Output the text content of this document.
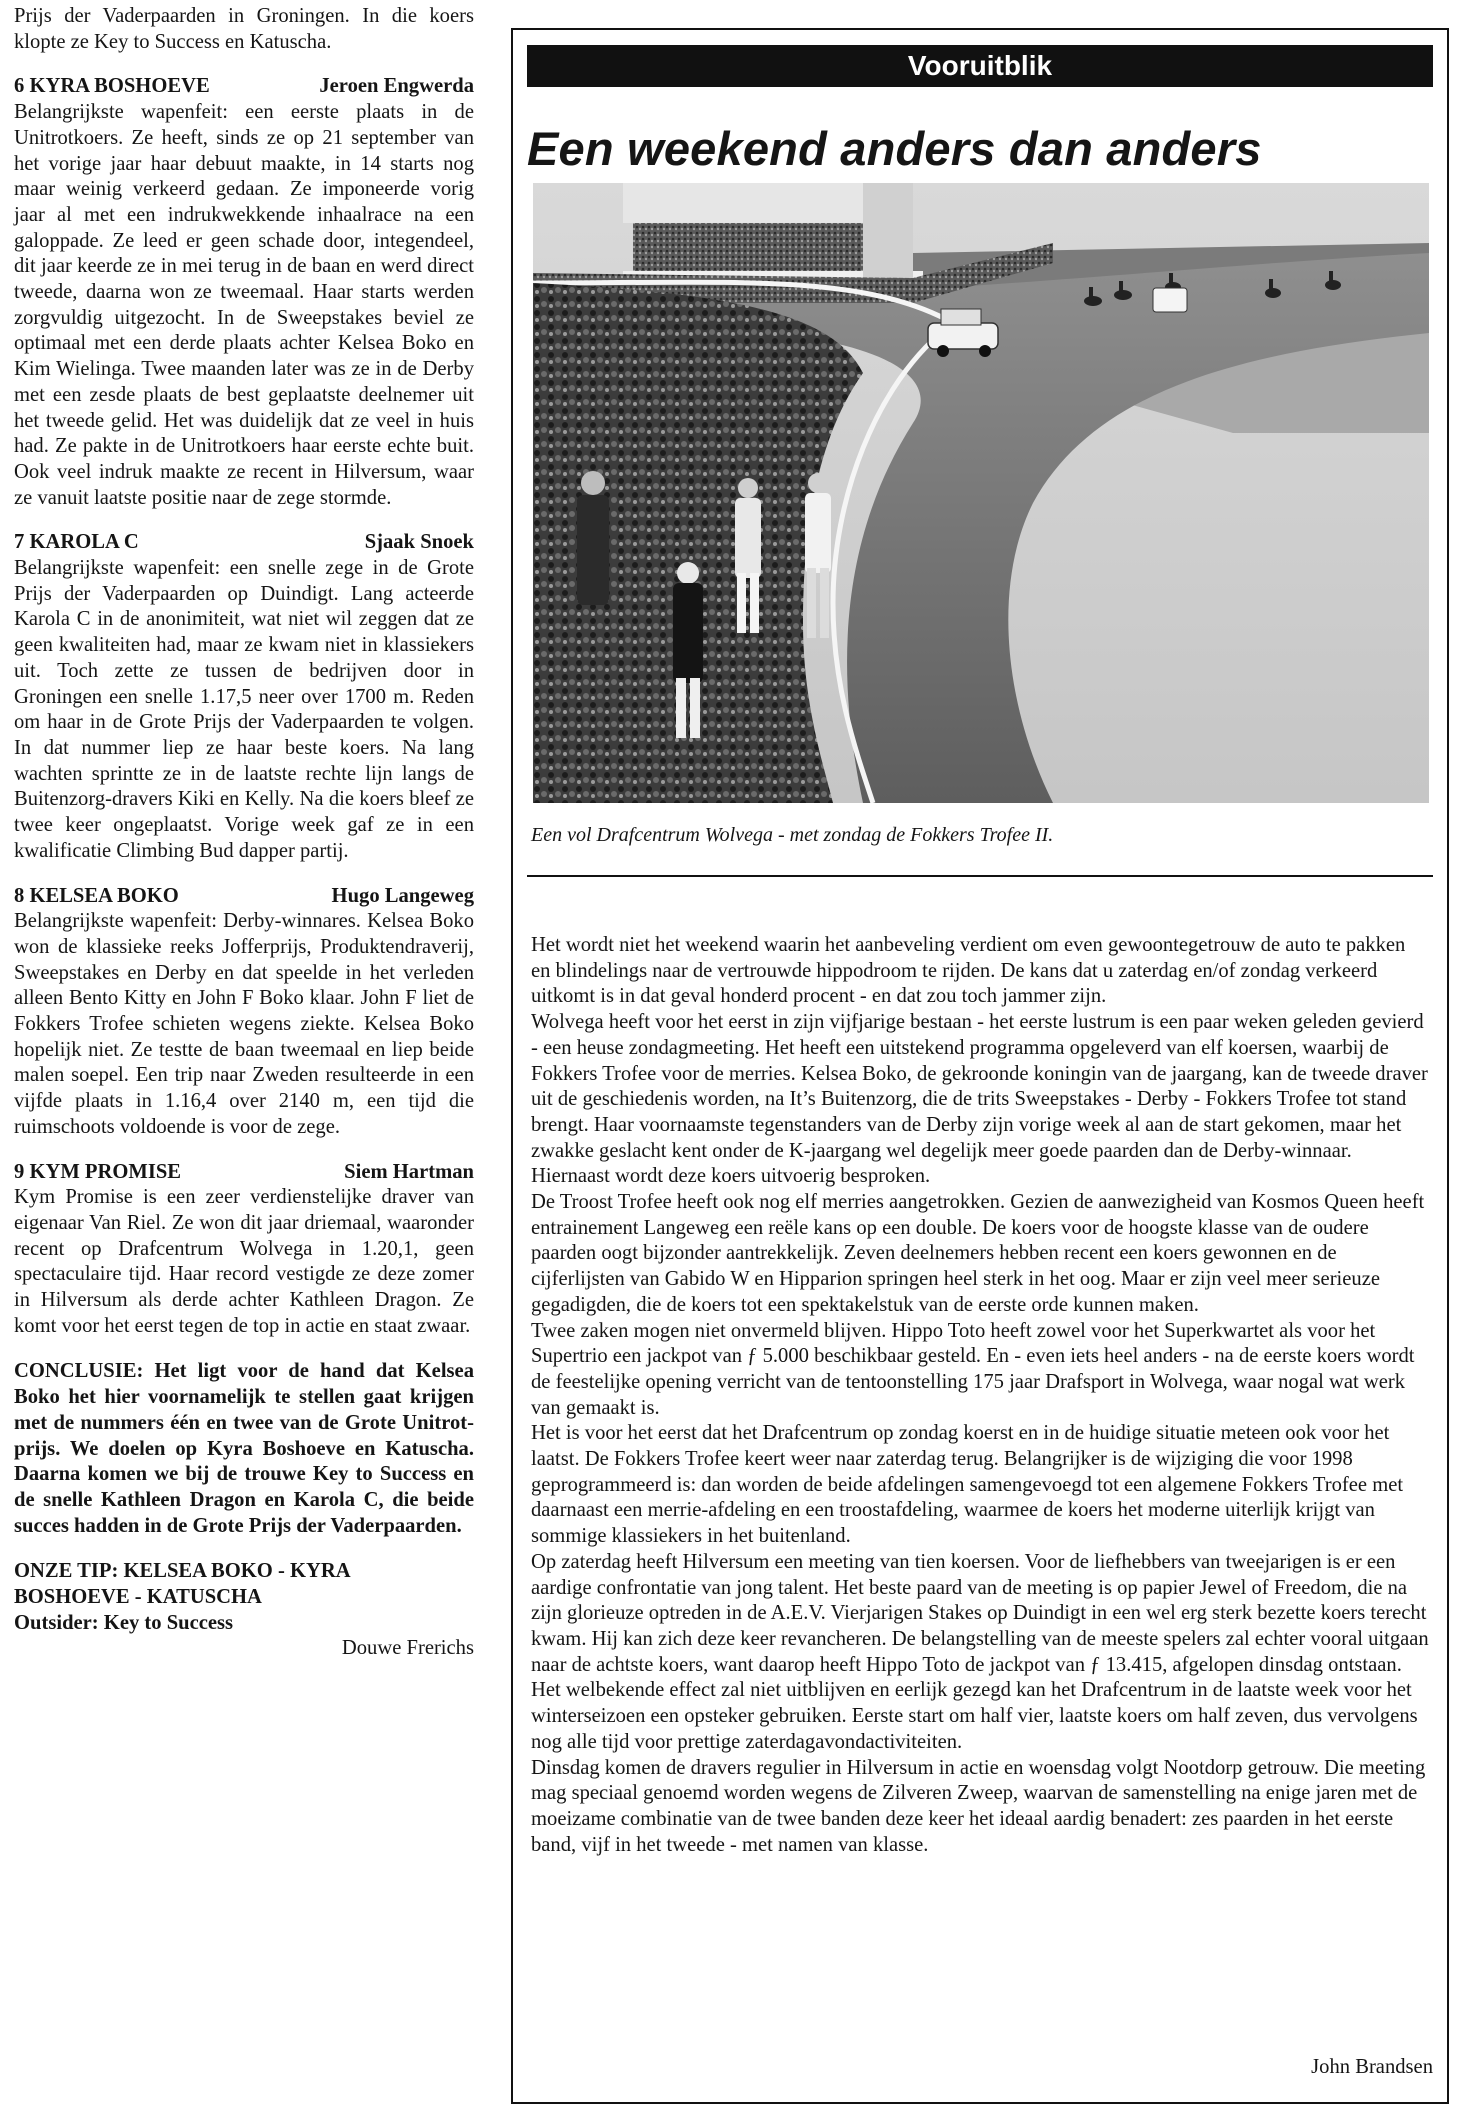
Prijs der Vaderpaarden in Groningen. In die koers klopte ze Key to Success en Katuscha.

6 KYRA BOSHOEVE	Jeroen Engwerda

Belangrijkste wapenfeit: een eerste plaats in de Unitrotkoers. Ze heeft, sinds ze op 21 september van het vorige jaar haar debuut maakte, in 14 starts nog maar weinig verkeerd gedaan. Ze imponeerde vorig jaar al met een indrukwekkende inhaalrace na een galoppade. Ze leed er geen schade door, integendeel, dit jaar keerde ze in mei terug in de baan en werd direct tweede, daarna won ze tweemaal. Haar starts werden zorgvuldig uitgezocht. In de Sweepstakes beviel ze optimaal met een derde plaats achter Kelsea Boko en Kim Wielinga. Twee maanden later was ze in de Derby met een zesde plaats de best geplaatste deelnemer uit het tweede gelid. Het was duidelijk dat ze veel in huis had. Ze pakte in de Unitrotkoers haar eerste echte buit. Ook veel indruk maakte ze recent in Hilversum, waar ze vanuit laatste positie naar de zege stormde.

7 KAROLA C	Sjaak Snoek

Belangrijkste wapenfeit: een snelle zege in de Grote Prijs der Vaderpaarden op Duindigt. Lang acteerde Karola C in de anonimiteit, wat niet wil zeggen dat ze geen kwaliteiten had, maar ze kwam niet in klassiekers uit. Toch zette ze tussen de bedrijven door in Groningen een snelle 1.17,5 neer over 1700 m. Reden om haar in de Grote Prijs der Vaderpaarden te volgen. In dat nummer liep ze haar beste koers. Na lang wachten sprintte ze in de laatste rechte lijn langs de Buitenzorg-dravers Kiki en Kelly. Na die koers bleef ze twee keer ongeplaatst. Vorige week gaf ze in een kwalificatie Climbing Bud dapper partij.

8 KELSEA BOKO	Hugo Langeweg

Belangrijkste wapenfeit: Derby-winnares. Kelsea Boko won de klassieke reeks Jofferprijs, Produktendraverij, Sweepstakes en Derby en dat speelde in het verleden alleen Bento Kitty en John F Boko klaar. John F liet de Fokkers Trofee schieten wegens ziekte. Kelsea Boko hopelijk niet. Ze testte de baan tweemaal en liep beide malen soepel. Een trip naar Zweden resulteerde in een vijfde plaats in 1.16,4 over 2140 m, een tijd die ruimschoots voldoende is voor de zege.

9 KYM PROMISE	Siem Hartman

Kym Promise is een zeer verdienstelijke draver van eigenaar Van Riel. Ze won dit jaar driemaal, waaronder recent op Drafcentrum Wolvega in 1.20,1, geen spectaculaire tijd. Haar record vestigde ze deze zomer in Hilversum als derde achter Kathleen Dragon. Ze komt voor het eerst tegen de top in actie en staat zwaar.

CONCLUSIE: Het ligt voor de hand dat Kelsea Boko het hier voornamelijk te stellen gaat krijgen met de nummers één en twee van de Grote Unitrot-prijs. We doelen op Kyra Boshoeve en Katuscha. Daarna komen we bij de trouwe Key to Success en de snelle Kathleen Dragon en Karola C, die beide succes hadden in de Grote Prijs der Vaderpaarden.

ONZE TIP: KELSEA BOKO - KYRA

BOSHOEVE - KATUSCHA

Outsider: Key to Success

Douwe Frerichs

Vooruitblik
Een weekend anders dan anders

Een vol Drafcentrum Wolvega - met zondag de Fokkers Trofee II.

Het wordt niet het weekend waarin het aanbeveling verdient om even gewoontegetrouw de auto te pakken en blindelings naar de vertrouwde hippodroom te rijden. De kans dat u zaterdag en/of zondag verkeerd uitkomt is in dat geval honderd procent - en dat zou toch jammer zijn.

Wolvega heeft voor het eerst in zijn vijfjarige bestaan - het eerste lustrum is een paar weken geleden gevierd - een heuse zondagmeeting. Het heeft een uitstekend programma opgeleverd van elf koersen, waarbij de Fokkers Trofee voor de merries. Kelsea Boko, de gekroonde koningin van de jaargang, kan de tweede draver uit de geschiedenis worden, na It’s Buitenzorg, die de trits Sweepstakes - Derby - Fokkers Trofee tot stand brengt. Haar voornaamste tegenstanders van de Derby zijn vorige week al aan de start gekomen, maar het zwakke geslacht kent onder de K-jaargang wel degelijk meer goede paarden dan de Derby-winnaar. Hiernaast wordt deze koers uitvoerig besproken.

De Troost Trofee heeft ook nog elf merries aangetrokken. Gezien de aanwezigheid van Kosmos Queen heeft entrainement Langeweg een reële kans op een double. De koers voor de hoogste klasse van de oudere paarden oogt bijzonder aantrekkelijk. Zeven deelnemers hebben recent een koers gewonnen en de cijferlijsten van Gabido W en Hipparion springen heel sterk in het oog. Maar er zijn veel meer serieuze gegadigden, die de koers tot een spektakelstuk van de eerste orde kunnen maken.

Twee zaken mogen niet onvermeld blijven. Hippo Toto heeft zowel voor het Superkwartet als voor het Supertrio een jackpot van ƒ 5.000 beschikbaar gesteld. En - even iets heel anders - na de eerste koers wordt de feestelijke opening verricht van de tentoonstelling 175 jaar Drafsport in Wolvega, waar nogal wat werk van gemaakt is.

Het is voor het eerst dat het Drafcentrum op zondag koerst en in de huidige situatie meteen ook voor het laatst. De Fokkers Trofee keert weer naar zaterdag terug. Belangrijker is de wijziging die voor 1998 geprogrammeerd is: dan worden de beide afdelingen samengevoegd tot een algemene Fokkers Trofee met daarnaast een merrie-afdeling en een troostafdeling, waarmee de koers het moderne uiterlijk krijgt van sommige klassiekers in het buitenland.

Op zaterdag heeft Hilversum een meeting van tien koersen. Voor de liefhebbers van tweejarigen is er een aardige confrontatie van jong talent. Het beste paard van de meeting is op papier Jewel of Freedom, die na zijn glorieuze optreden in de A.E.V. Vierjarigen Stakes op Duindigt in een wel erg sterk bezette koers terecht kwam. Hij kan zich deze keer revancheren. De belangstelling van de meeste spelers zal echter vooral uitgaan naar de achtste koers, want daarop heeft Hippo Toto de jackpot van ƒ 13.415, afgelopen dinsdag ontstaan. Het welbekende effect zal niet uitblijven en eerlijk gezegd kan het Drafcentrum in de laatste week voor het winterseizoen een opsteker gebruiken. Eerste start om half vier, laatste koers om half zeven, dus vervolgens nog alle tijd voor prettige zaterdagavondactiviteiten.

Dinsdag komen de dravers regulier in Hilversum in actie en woensdag volgt Nootdorp getrouw. Die meeting mag speciaal genoemd worden wegens de Zilveren Zweep, waarvan de samenstelling na enige jaren met de moeizame combinatie van de twee banden deze keer het ideaal aardig benadert: zes paarden in het eerste band, vijf in het tweede - met namen van klasse.

John Brandsen
